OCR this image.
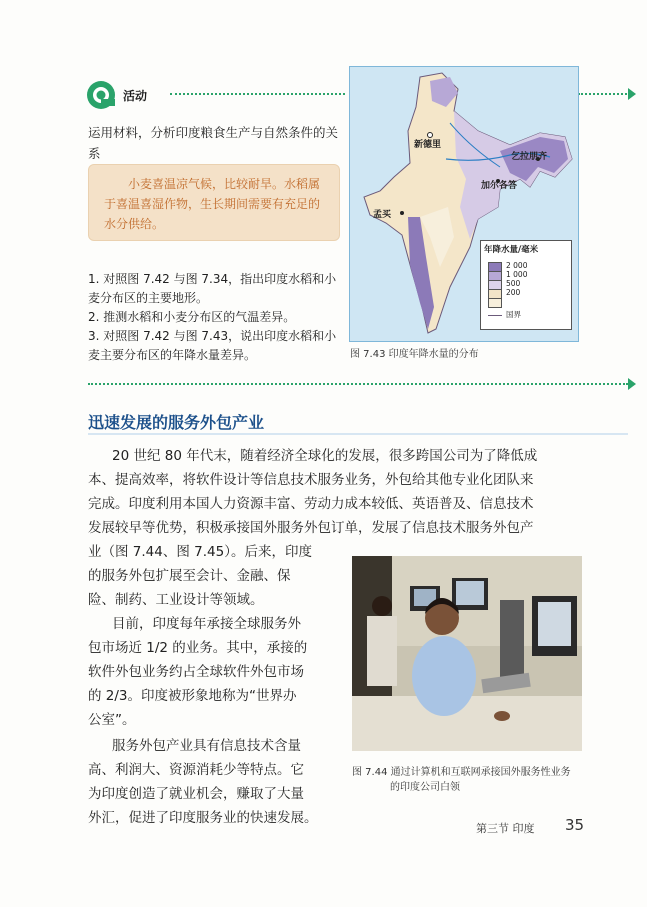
活动
运用材料，分析印度粮食生产与自然条件的关系
小麦喜温凉气候，比较耐旱。水稻属于喜温喜湿作物，生长期间需要有充足的水分供给。
1. 对照图 7.42 与图 7.34，指出印度水稻和小麦分布区的主要地形。
2. 推测水稻和小麦分布区的气温差异。
3. 对照图 7.42 与图 7.43，说出印度水稻和小麦主要分布区的年降水量差异。
新德里
乞拉朋齐
加尔各答
孟买
年降水量/毫米
2 000
1 000
500
200
国界
图 7.43 印度年降水量的分布
迅速发展的服务外包产业
20 世纪 80 年代末，随着经济全球化的发展，很多跨国公司为了降低成
本、提高效率，将软件设计等信息技术服务业务，外包给其他专业化团队来
完成。印度利用本国人力资源丰富、劳动力成本较低、英语普及、信息技术
发展较早等优势，积极承接国外服务外包订单，发展了信息技术服务外包产
业（图 7.44、图 7.45）。后来，印度
的服务外包扩展至会计、金融、保
险、制药、工业设计等领域。
目前，印度每年承接全球服务外
包市场近 1/2 的业务。其中，承接的
软件外包业务约占全球软件外包市场
的 2/3。印度被形象地称为“世界办
公室”。
服务外包产业具有信息技术含量
高、利润大、资源消耗少等特点。它
为印度创造了就业机会，赚取了大量
外汇，促进了印度服务业的快速发展。
图 7.44 通过计算机和互联网承接国外服务性业务
的印度公司白领
第三节 印度 35
